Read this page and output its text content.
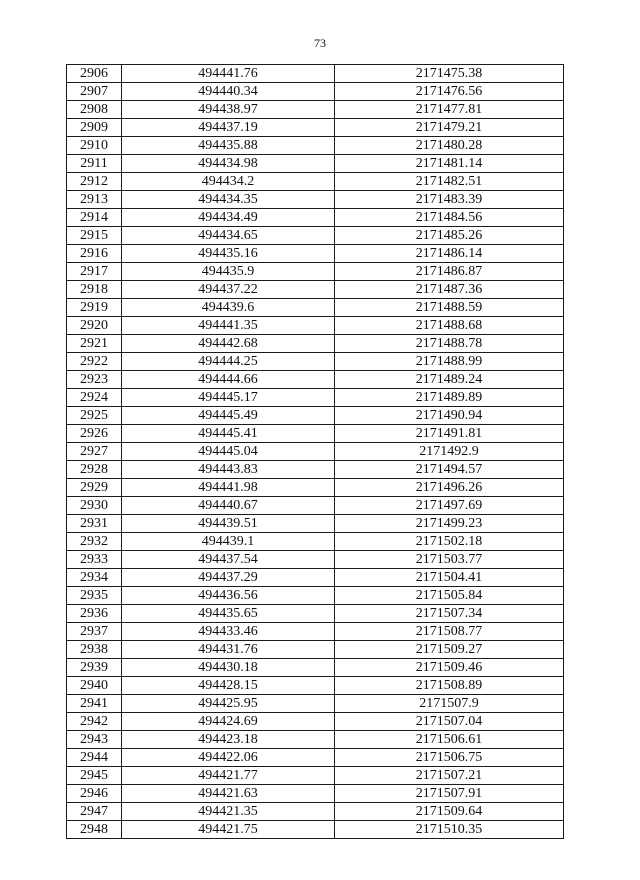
73
2906	494441.76	2171475.38
2907	494440.34	2171476.56
2908	494438.97	2171477.81
2909	494437.19	2171479.21
2910	494435.88	2171480.28
2911	494434.98	2171481.14
2912	494434.2	2171482.51
2913	494434.35	2171483.39
2914	494434.49	2171484.56
2915	494434.65	2171485.26
2916	494435.16	2171486.14
2917	494435.9	2171486.87
2918	494437.22	2171487.36
2919	494439.6	2171488.59
2920	494441.35	2171488.68
2921	494442.68	2171488.78
2922	494444.25	2171488.99
2923	494444.66	2171489.24
2924	494445.17	2171489.89
2925	494445.49	2171490.94
2926	494445.41	2171491.81
2927	494445.04	2171492.9
2928	494443.83	2171494.57
2929	494441.98	2171496.26
2930	494440.67	2171497.69
2931	494439.51	2171499.23
2932	494439.1	2171502.18
2933	494437.54	2171503.77
2934	494437.29	2171504.41
2935	494436.56	2171505.84
2936	494435.65	2171507.34
2937	494433.46	2171508.77
2938	494431.76	2171509.27
2939	494430.18	2171509.46
2940	494428.15	2171508.89
2941	494425.95	2171507.9
2942	494424.69	2171507.04
2943	494423.18	2171506.61
2944	494422.06	2171506.75
2945	494421.77	2171507.21
2946	494421.63	2171507.91
2947	494421.35	2171509.64
2948	494421.75	2171510.35
